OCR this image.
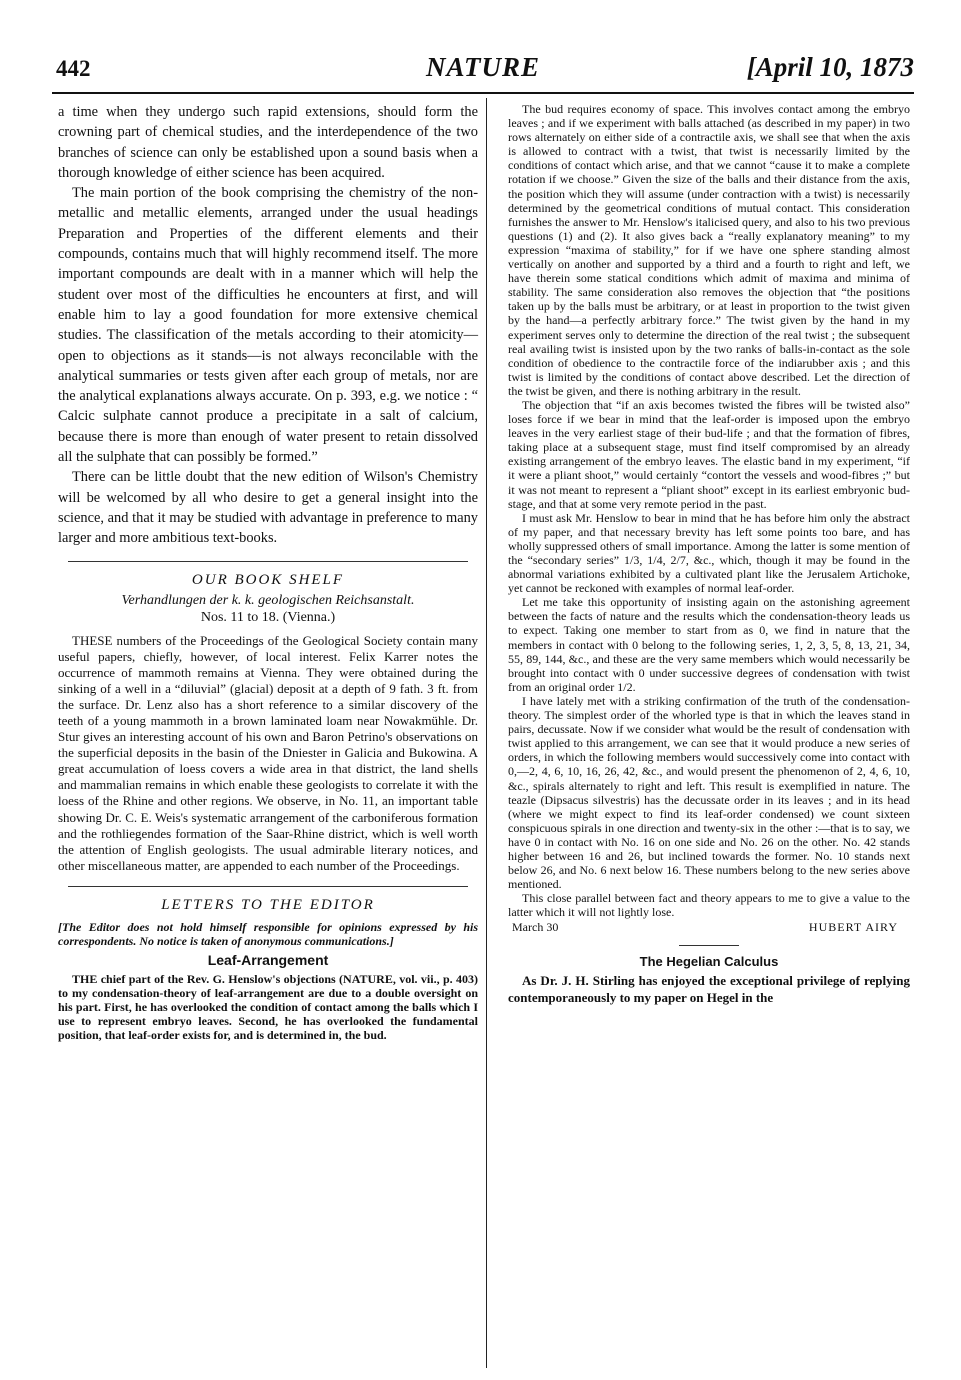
442	NATURE	[April 10, 1873

a time when they undergo such rapid extensions, should form the crowning part of chemical studies, and the interdependence of the two branches of science can only be established upon a sound basis when a thorough knowledge of either science has been acquired.

The main portion of the book comprising the chemistry of the non-metallic and metallic elements, arranged under the usual headings Preparation and Properties of the different elements and their compounds, contains much that will highly recommend itself. The more important compounds are dealt with in a manner which will help the student over most of the difficulties he encounters at first, and will enable him to lay a good foundation for more extensive chemical studies. The classification of the metals according to their atomicity—open to objections as it stands—is not always reconcilable with the analytical summaries or tests given after each group of metals, nor are the analytical explanations always accurate. On p. 393, e.g. we notice : “ Calcic sulphate cannot produce a precipitate in a salt of calcium, because there is more than enough of water present to retain dissolved all the sulphate that can possibly be formed.”

There can be little doubt that the new edition of Wilson's Chemistry will be welcomed by all who desire to get a general insight into the science, and that it may be studied with advantage in preference to many larger and more ambitious text-books.

OUR BOOK SHELF
Verhandlungen der k. k. geologischen Reichsanstalt.
Nos. 11 to 18. (Vienna.)

THESE numbers of the Proceedings of the Geological Society contain many useful papers, chiefly, however, of local interest. Felix Karrer notes the occurrence of mammoth remains at Vienna. They were obtained during the sinking of a well in a “diluvial” (glacial) deposit at a depth of 9 fath. 3 ft. from the surface. Dr. Lenz also has a short reference to a similar discovery of the teeth of a young mammoth in a brown laminated loam near Nowakmühle. Dr. Stur gives an interesting account of his own and Baron Petrino's observations on the superficial deposits in the basin of the Dniester in Galicia and Bukowina. A great accumulation of loess covers a wide area in that district, the land shells and mammalian remains in which enable these geologists to correlate it with the loess of the Rhine and other regions. We observe, in No. 11, an important table showing Dr. C. E. Weis's systematic arrangement of the carboniferous formation and the rothliegendes formation of the Saar-Rhine district, which is well worth the attention of English geologists. The usual admirable literary notices, and other miscellaneous matter, are appended to each number of the Proceedings.

LETTERS TO THE EDITOR

[The Editor does not hold himself responsible for opinions expressed by his correspondents. No notice is taken of anonymous communications.]

Leaf-Arrangement

THE chief part of the Rev. G. Henslow's objections (NATURE, vol. vii., p. 403) to my condensation-theory of leaf-arrangement are due to a double oversight on his part. First, he has overlooked the condition of contact among the balls which I use to represent embryo leaves. Second, he has overlooked the fundamental position, that leaf-order exists for, and is determined in, the bud.

The bud requires economy of space. This involves contact among the embryo leaves ; and if we experiment with balls attached (as described in my paper) in two rows alternately on either side of a contractile axis, we shall see that when the axis is allowed to contract with a twist, that twist is necessarily limited by the conditions of contact which arise, and that we cannot “cause it to make a complete rotation if we choose.” Given the size of the balls and their distance from the axis, the position which they will assume (under contraction with a twist) is necessarily determined by the geometrical conditions of mutual contact. This consideration furnishes the answer to Mr. Henslow's italicised query, and also to his two previous questions (1) and (2). It also gives back a “really explanatory meaning” to my expression “maxima of stability,” for if we have one sphere standing almost vertically on another and supported by a third and a fourth to right and left, we have therein some statical conditions which admit of maxima and minima of stability. The same consideration also removes the objection that “the positions taken up by the balls must be arbitrary, or at least in proportion to the twist given by the hand—a perfectly arbitrary force.” The twist given by the hand in my experiment serves only to determine the direction of the real twist ; the subsequent real availing twist is insisted upon by the two ranks of balls-in-contact as the sole condition of obedience to the contractile force of the indiarubber axis ; and this twist is limited by the conditions of contact above described. Let the direction of the twist be given, and there is nothing arbitrary in the result.

The objection that “if an axis becomes twisted the fibres will be twisted also” loses force if we bear in mind that the leaf-order is imposed upon the embryo leaves in the very earliest stage of their bud-life ; and that the formation of fibres, taking place at a subsequent stage, must find itself compromised by an already existing arrangement of the embryo leaves. The elastic band in my experiment, “if it were a pliant shoot,” would certainly “contort the vessels and wood-fibres ;” but it was not meant to represent a “pliant shoot” except in its earliest embryonic bud-stage, and that at some very remote period in the past.

I must ask Mr. Henslow to bear in mind that he has before him only the abstract of my paper, and that necessary brevity has left some points too bare, and has wholly suppressed others of small importance. Among the latter is some mention of the “secondary series” 1/3, 1/4, 2/7, &c., which, though it may be found in the abnormal variations exhibited by a cultivated plant like the Jerusalem Artichoke, yet cannot be reckoned with examples of normal leaf-order.

Let me take this opportunity of insisting again on the astonishing agreement between the facts of nature and the results which the condensation-theory leads us to expect. Taking one member to start from as 0, we find in nature that the members in contact with 0 belong to the following series, 1, 2, 3, 5, 8, 13, 21, 34, 55, 89, 144, &c., and these are the very same members which would necessarily be brought into contact with 0 under successive degrees of condensation with twist from an original order 1/2.

I have lately met with a striking confirmation of the truth of the condensation-theory. The simplest order of the whorled type is that in which the leaves stand in pairs, decussate. Now if we consider what would be the result of condensation with twist applied to this arrangement, we can see that it would produce a new series of orders, in which the following members would successively come into contact with 0,—2, 4, 6, 10, 16, 26, 42, &c., and would present the phenomenon of 2, 4, 6, 10, &c., spirals alternately to right and left. This result is exemplified in nature. The teazle (Dipsacus silvestris) has the decussate order in its leaves ; and in its head (where we might expect to find its leaf-order condensed) we count sixteen conspicuous spirals in one direction and twenty-six in the other :—that is to say, we have 0 in contact with No. 16 on one side and No. 26 on the other. No. 42 stands higher between 16 and 26, but inclined towards the former. No. 10 stands next below 26, and No. 6 next below 16. These numbers belong to the new series above mentioned.

This close parallel between fact and theory appears to me to give a value to the latter which it will not lightly lose.

March 30	HUBERT AIRY
The Hegelian Calculus

As Dr. J. H. Stirling has enjoyed the exceptional privilege of replying contemporaneously to my paper on Hegel in the
